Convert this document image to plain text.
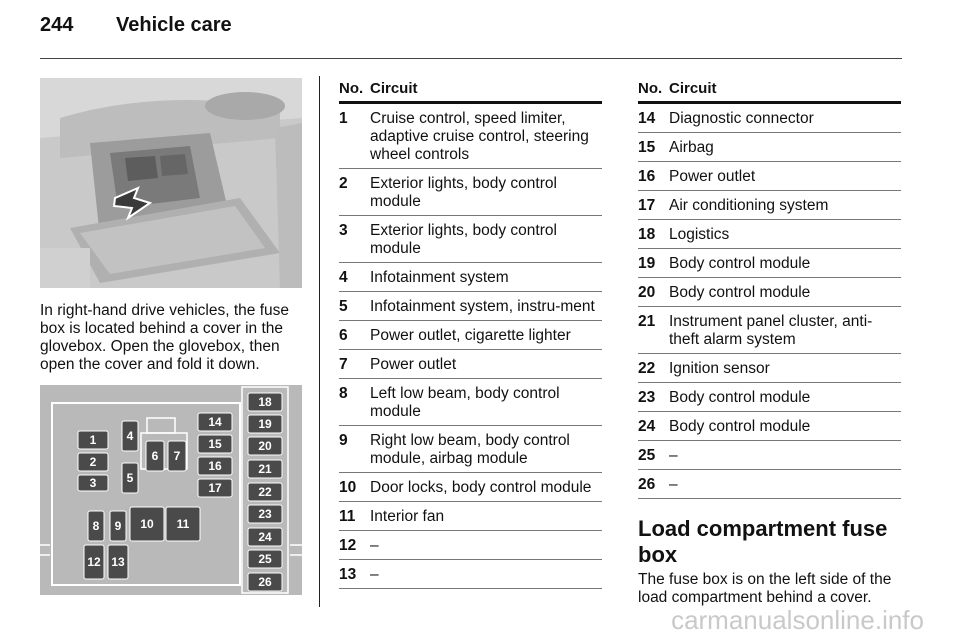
244 Vehicle care
In right-hand drive vehicles, the fuse box is located behind a cover in the glovebox. Open the glovebox, then open the cover and fold it down.
1
2
3
4
5
6 7
8 9 10 11
12 13
14
15
16
17
18
19
20
21
22
23
24
25
26
No. Circuit
1	Cruise control, speed limiter, adaptive cruise control, steering wheel controls
2	Exterior lights, body control module
3	Exterior lights, body control module
4	Infotainment system
5	Infotainment system, instru-ment
6	Power outlet, cigarette lighter
7	Power outlet
8	Left low beam, body control module
9	Right low beam, body control module, airbag module
10 Door locks, body control module
11 Interior fan
12 –
13 –
No. Circuit
14 Diagnostic connector
15 Airbag
16 Power outlet
17 Air conditioning system
18 Logistics
19 Body control module
20 Body control module
21 Instrument panel cluster, anti-theft alarm system
22 Ignition sensor
23 Body control module
24 Body control module
25 –
26 –
Load compartment fuse box
The fuse box is on the left side of the load compartment behind a cover.
carmanualsonline.info
